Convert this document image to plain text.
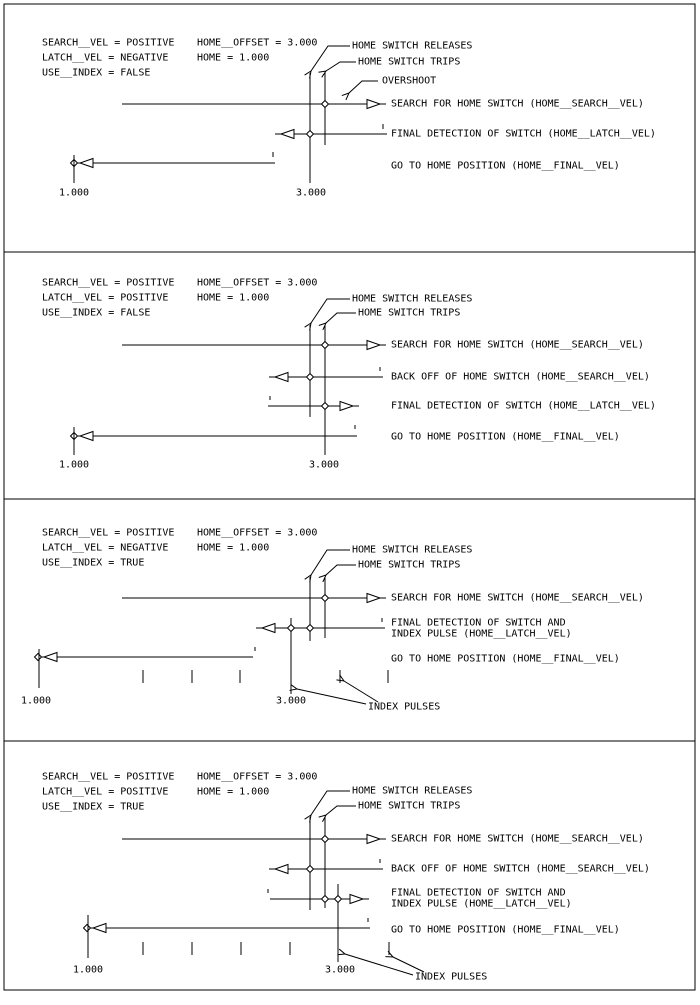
SEARCH__VEL = POSITIVE HOME__OFFSET = 3.000
LATCH__VEL = NEGATIVE	HOME = 1.000
USE__INDEX = FALSE
HOME SWITCH RELEASES
HOME SWITCH TRIPS
OVERSHOOT
1.000	3.000
SEARCH FOR HOME SWITCH (HOME__SEARCH__VEL)
FINAL DETECTION OF SWITCH (HOME__LATCH__VEL)
GO TO HOME POSITION (HOME__FINAL__VEL)
SEARCH__VEL = POSITIVE HOME__OFFSET = 3.000
LATCH__VEL = POSITIVE	HOME = 1.000
USE__INDEX = FALSE
HOME SWITCH RELEASES
HOME SWITCH TRIPS
1.000	3.000
SEARCH FOR HOME SWITCH (HOME__SEARCH__VEL)
BACK OFF OF HOME SWITCH (HOME__SEARCH__VEL)
FINAL DETECTION OF SWITCH (HOME__LATCH__VEL)
GO TO HOME POSITION (HOME__FINAL__VEL)
SEARCH__VEL = POSITIVE HOME__OFFSET = 3.000
LATCH__VEL = NEGATIVE	HOME = 1.000
USE__INDEX = TRUE
HOME SWITCH RELEASES
HOME SWITCH TRIPS
1.000	3.000
SEARCH FOR HOME SWITCH (HOME__SEARCH__VEL)
FINAL DETECTION OF SWITCH AND
INDEX PULSE (HOME__LATCH__VEL)
GO TO HOME POSITION (HOME__FINAL__VEL)
INDEX PULSES
SEARCH__VEL = POSITIVE HOME__OFFSET = 3.000
LATCH__VEL = POSITIVE	HOME = 1.000
USE__INDEX = TRUE
HOME SWITCH RELEASES
HOME SWITCH TRIPS
1.000	3.000
SEARCH FOR HOME SWITCH (HOME__SEARCH__VEL)
BACK OFF OF HOME SWITCH (HOME__SEARCH__VEL)
FINAL DETECTION OF SWITCH AND
INDEX PULSE (HOME__LATCH__VEL)
GO TO HOME POSITION (HOME__FINAL__VEL)
INDEX PULSES
